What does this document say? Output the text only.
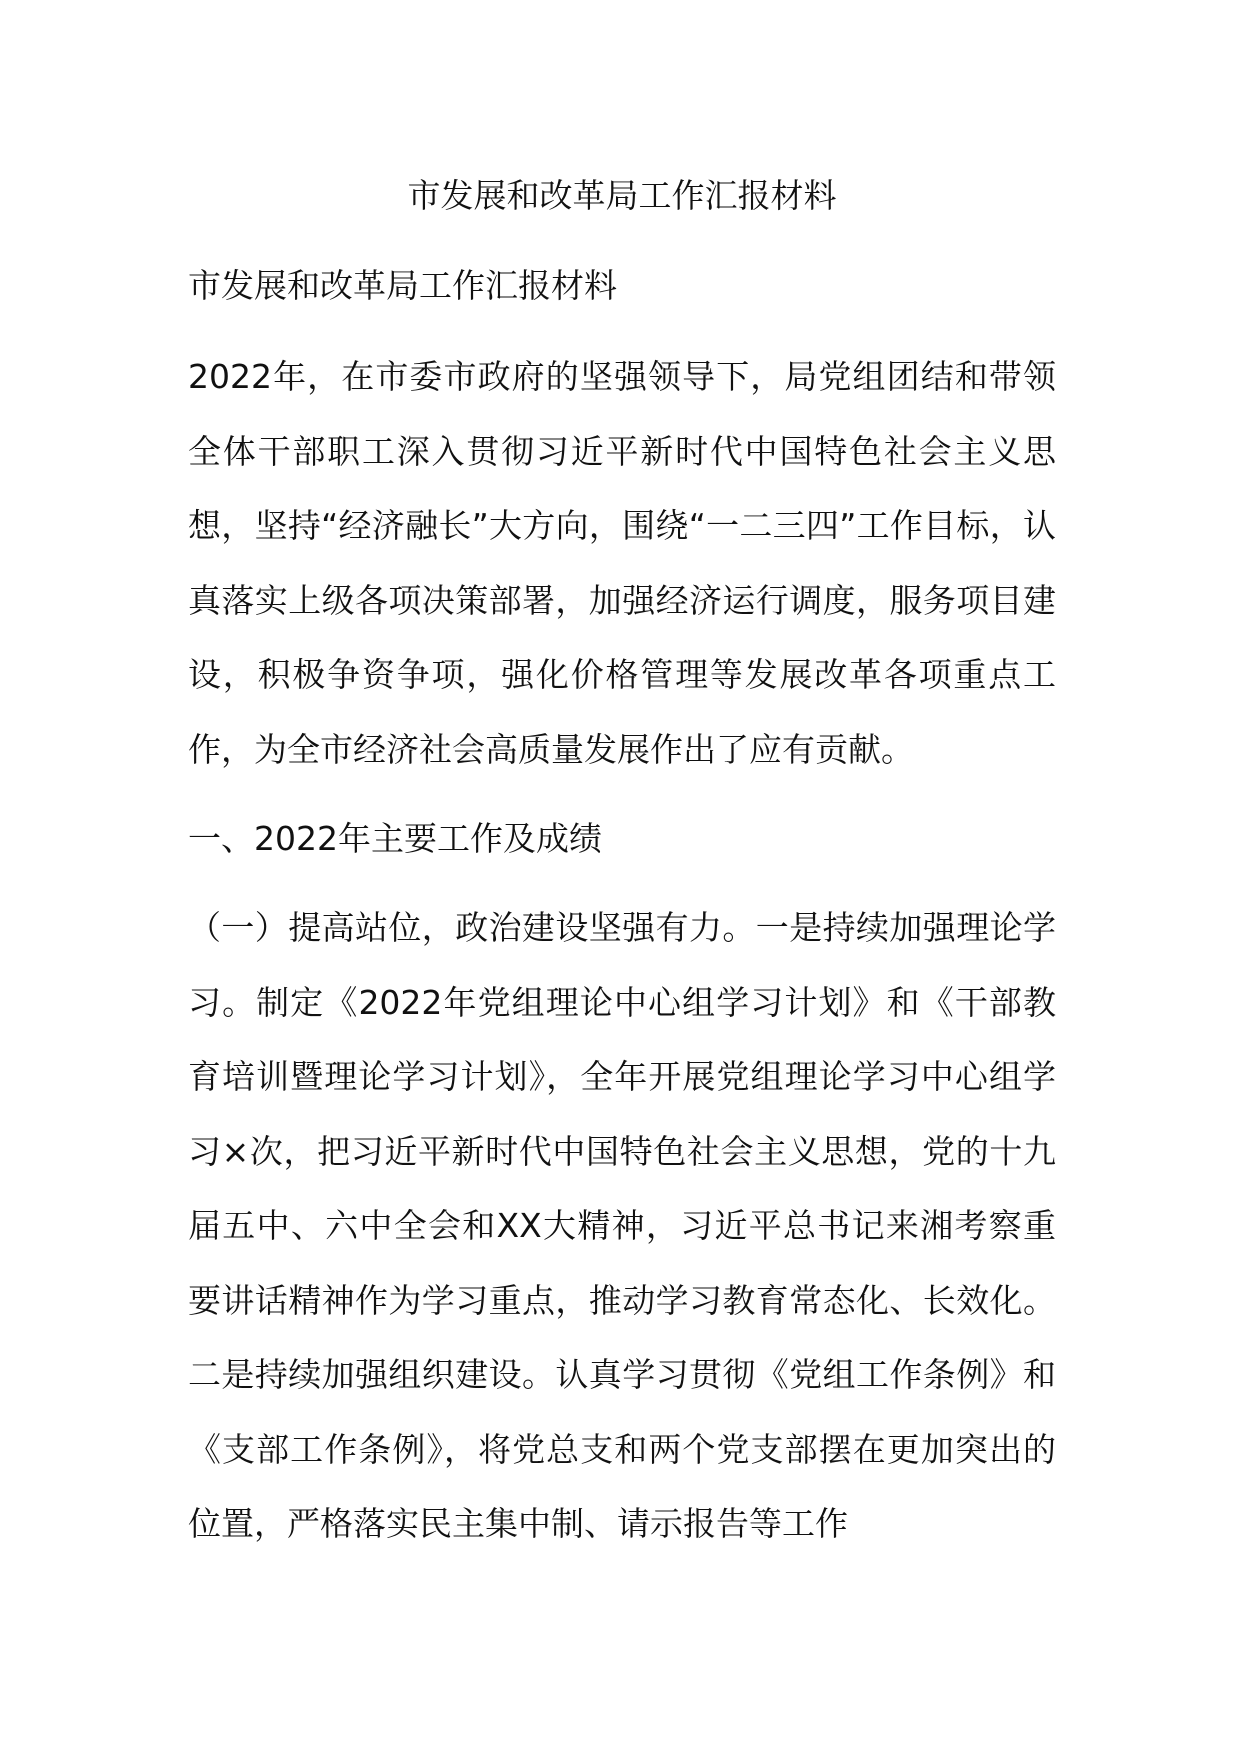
市发展和改革局工作汇报材料

市发展和改革局工作汇报材料

2022年，在市委市政府的坚强领导下，局党组团结和带领全体干部职工深入贯彻习近平新时代中国特色社会主义思想，坚持“经济融长”大方向，围绕“一二三四”工作目标，认真落实上级各项决策部署，加强经济运行调度，服务项目建设，积极争资争项，强化价格管理等发展改革各项重点工作，为全市经济社会高质量发展作出了应有贡献。

一、2022年主要工作及成绩

（一）提高站位，政治建设坚强有力。一是持续加强理论学习。制定《2022年党组理论中心组学习计划》和《干部教育培训暨理论学习计划》，全年开展党组理论学习中心组学习×次，把习近平新时代中国特色社会主义思想，党的十九届五中、六中全会和XX大精神，习近平总书记来湘考察重要讲话精神作为学习重点，推动学习教育常态化、长效化。二是持续加强组织建设。认真学习贯彻《党组工作条例》和《支部工作条例》，将党总支和两个党支部摆在更加突出的位置，严格落实民主集中制、请示报告等工作
